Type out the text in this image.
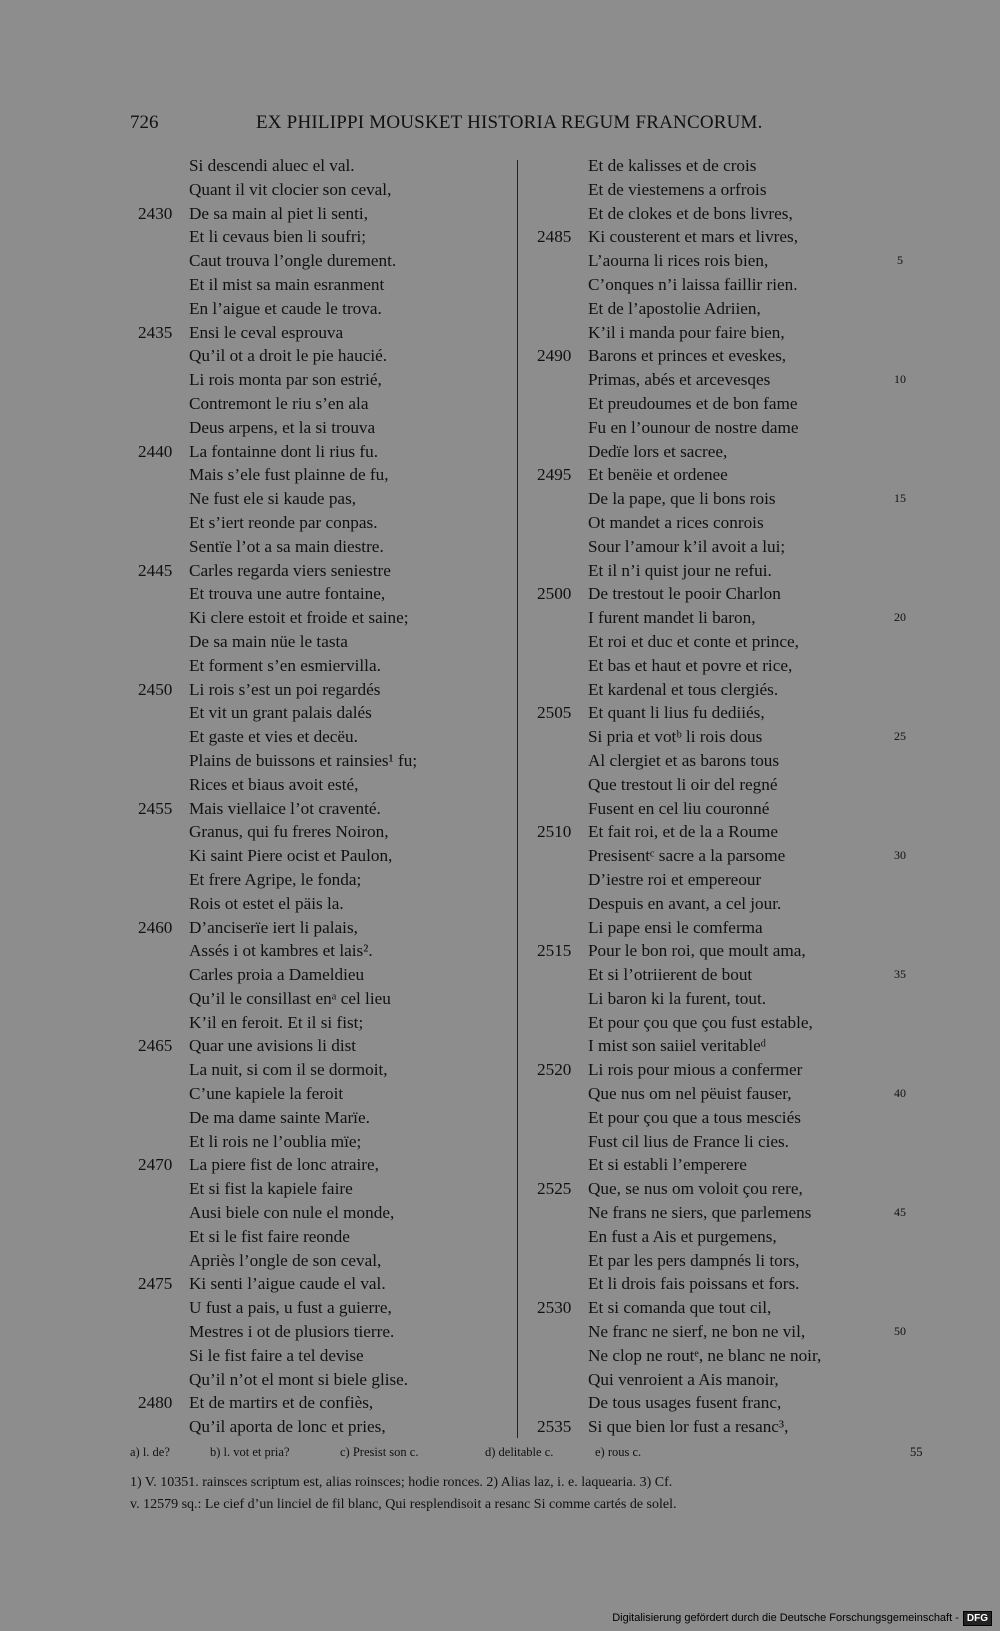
726	EX PHILIPPI MOUSKET HISTORIA REGUM FRANCORUM.
Si descendi aluec el val.
Quant il vit clocier son ceval,
2430 De sa main al piet li senti,
Et li cevaus bien li soufri;
Caut trouva l’ongle durement.
Et il mist sa main esranment
En l’aigue et caude le trova.
2435 Ensi le ceval esprouva
Qu’il ot a droit le pie haucié.
Li rois monta par son estrié,
Contremont le riu s’en ala
Deus arpens, et la si trouva
2440 La fontainne dont li rius fu.
Mais s’ele fust plainne de fu,
Ne fust ele si kaude pas,
Et s’iert reonde par conpas.
Sentïe l’ot a sa main diestre.
2445 Carles regarda viers seniestre
Et trouva une autre fontaine,
Ki clere estoit et froide et saine;
De sa main nüe le tasta
Et forment s’en esmiervilla.
2450 Li rois s’est un poi regardés
Et vit un grant palais dalés
Et gaste et vies et decëu.
Plains de buissons et rainsies¹ fu;
Rices et biaus avoit esté,
2455 Mais viellaice l’ot craventé.
Granus, qui fu freres Noiron,
Ki saint Piere ocist et Paulon,
Et frere Agripe, le fonda;
Rois ot estet el päis la.
2460 D’anciserïe iert li palais,
Assés i ot kambres et lais².
Carles proia a Dameldieu
Qu’il le consillast enᵃ cel lieu
K’il en feroit. Et il si fist;
2465 Quar une avisions li dist
La nuit, si com il se dormoit,
C’une kapiele la feroit
De ma dame sainte Marïe.
Et li rois ne l’oublia mïe;
2470 La piere fist de lonc atraire,
Et si fist la kapiele faire
Ausi biele con nule el monde,
Et si le fist faire reonde
Apriès l’ongle de son ceval,
2475 Ki senti l’aigue caude el val.
U fust a pais, u fust a guierre,
Mestres i ot de plusiors tierre.
Si le fist faire a tel devise
Qu’il n’ot el mont si biele glise.
2480 Et de martirs et de confiès,
Qu’il aporta de lonc et pries,
Et de kalisses et de crois
Et de viestemens a orfrois
Et de clokes et de bons livres,
2485 Ki cousterent et mars et livres,
L’aourna li rices rois bien,
C’onques n’i laissa faillir rien.
Et de l’apostolie Adriien,
K’il i manda pour faire bien,
2490 Barons et princes et eveskes,
Primas, abés et arcevesqes
Et preudoumes et de bon fame
Fu en l’ounour de nostre dame
Dedïe lors et sacree,
2495 Et benëie et ordenee
De la pape, que li bons rois
Ot mandet a rices conrois
Sour l’amour k’il avoit a lui;
Et il n’i quist jour ne refui.
2500 De trestout le pooir Charlon
I furent mandet li baron,
Et roi et duc et conte et prince,
Et bas et haut et povre et rice,
Et kardenal et tous clergiés.
2505 Et quant li lius fu dediiés,
Si pria et votᵇ li rois dous
Al clergiet et as barons tous
Que trestout li oir del regné
Fusent en cel liu couronné
2510 Et fait roi, et de la a Roume
Presisentᶜ sacre a la parsome
D’iestre roi et empereour
Despuis en avant, a cel jour.
Li pape ensi le comferma
2515 Pour le bon roi, que moult ama,
Et si l’otriierent de bout
Li baron ki la furent, tout.
Et pour çou que çou fust estable,
I mist son saiiel veritableᵈ
2520 Li rois pour mious a confermer
Que nus om nel pëuist fauser,
Et pour çou que a tous mesciés
Fust cil lius de France li cies.
Et si establi l’emperere
2525 Que, se nus om voloit çou rere,
Ne frans ne siers, que parlemens
En fust a Ais et purgemens,
Et par les pers dampnés li tors,
Et li drois fais poissans et fors.
2530 Et si comanda que tout cil,
Ne franc ne sierf, ne bon ne vil,
Ne clop ne routᵉ, ne blanc ne noir,
Qui venroient a Ais manoir,
De tous usages fusent franc,
2535 Si que bien lor fust a resanc³,
5
10
15
20
25
30
35
40
45
50
a) l. de?	b) l. vot et pria?	c) Presist son c.	d) delitable c.	e) rous c.	55
1) V. 10351. rainsces scriptum est, alias roinsces; hodie ronces. 2) Alias laz, i. e. laquearia. 3) Cf.
v. 12579 sq.: Le cief d’un linciel de fil blanc, Qui resplendisoit a resanc Si comme cartés de solel.
Digitalisierung gefördert durch die Deutsche Forschungsgemeinschaft - DFG
